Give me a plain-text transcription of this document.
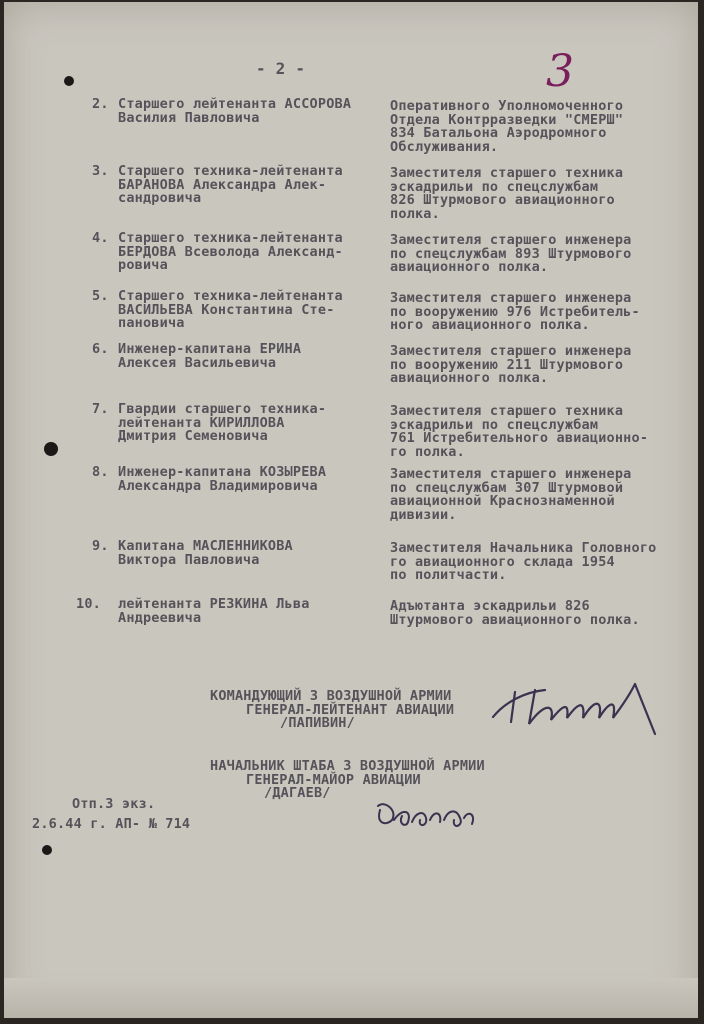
- 2 -	3
2. Старшего лейтенанта АССОРОВА
Василия Павловича
Оперативного Уполномоченного
Отдела Контрразведки "СМЕРШ"
834 Батальона Аэродромного
Обслуживания.
3. Старшего техника-лейтенанта
БАРАНОВА Александра Алек-
сандровича
Заместителя старшего техника
эскадрильи по спецслужбам
826 Штурмового авиационного
полка.
4. Старшего техника-лейтенанта
БЕРДОВА Всеволода Александ-
ровича
Заместителя старшего инженера
по спецслужбам 893 Штурмового
авиационного полка.
5. Старшего техника-лейтенанта
ВАСИЛЬЕВА Константина Сте-
пановича
Заместителя старшего инженера
по вооружению 976 Истребитель-
ного авиационного полка.
6. Инженер-капитана ЕРИНА
Алексея Васильевича
Заместителя старшего инженера
по вооружению 211 Штурмового
авиационного полка.
7. Гвардии старшего техника-
лейтенанта КИРИЛЛОВА
Дмитрия Семеновича
Заместителя старшего техника
эскадрильи по спецслужбам
761 Истребительного авиационно-
го полка.
8. Инженер-капитана КОЗЫРЕВА
Александра Владимировича
Заместителя старшего инженера
по спецслужбам 307 Штурмовой
авиационной Краснознаменной
дивизии.
9. Капитана МАСЛЕННИКОВА
Виктора Павловича
Заместителя Начальника Головного
го авиационного склада 1954
по политчасти.
10. лейтенанта РЕЗКИНА Льва
Андреевича
Адъютанта эскадрильи 826
Штурмового авиационного полка.
КОМАНДУЮЩИЙ 3 ВОЗДУШНОЙ АРМИИ
ГЕНЕРАЛ-ЛЕЙТЕНАНТ АВИАЦИИ
/ПАПИВИН/
НАЧАЛЬНИК ШТАБА 3 ВОЗДУШНОЙ АРМИИ
ГЕНЕРАЛ-МАЙОР АВИАЦИИ
/ДАГАЕВ/
Отп.3 экз.
2.6.44 г. АП- № 714
